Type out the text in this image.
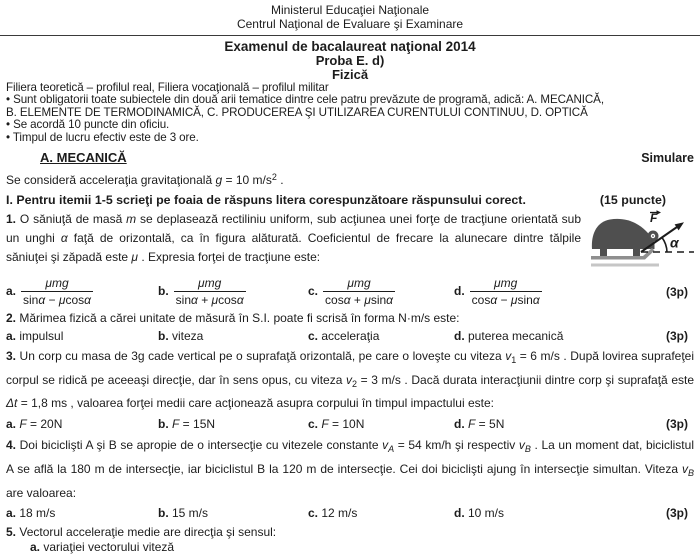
Ministerul Educaţiei Naţionale
Centrul Naţional de Evaluare şi Examinare
Examenul de bacalaureat naţional 2014
Proba E. d)
Fizică
Filiera teoretică – profilul real, Filiera vocaţională – profilul militar
• Sunt obligatorii toate subiectele din două arii tematice dintre cele patru prevăzute de programă, adică: A. MECANICĂ,
B. ELEMENTE DE TERMODINAMICĂ, C. PRODUCEREA ŞI UTILIZAREA CURENTULUI CONTINUU, D. OPTICĂ
• Se acordă 10 puncte din oficiu.
• Timpul de lucru efectiv este de 3 ore.
A. MECANICĂ	Simulare
Se consideră acceleraţia gravitaţională g = 10 $m/s^2$ .
I. Pentru itemii 1-5 scrieţi pe foaia de răspuns litera corespunzătoare răspunsului corect.	(15 puncte)
F
α
1. O săniuţă de masă m se deplasează rectiliniu uniform, sub acţiunea unei forţe de tracţiune orientată sub un unghi α faţă de orizontală, ca în figura alăturată. Coeficientul de frecare la alunecare dintre tălpile săniuţei şi zăpadă este μ . Expresia forţei de tracţiune este:
a. $\frac{\text{μmg}}{\sin\alpha - \mu\cos\alpha}$	b. $\frac{\text{μmg}}{\sin\alpha + \mu\cos\alpha}$	c. $\frac{\text{μmg}}{\cos\alpha + \mu\sin\alpha}$	d. $\frac{\text{μmg}}{\cos\alpha - \mu\sin\alpha}$	(3p)
2. Mărimea fizică a cărei unitate de măsură în S.I. poate fi scrisă în forma N·m/s este:
a. impulsul	b. viteza	c. acceleraţia	d. puterea mecanică	(3p)
3. Un corp cu masa de 3g cade vertical pe o suprafaţă orizontală, pe care o loveşte cu viteza $v_1 = 6$ m/s . După lovirea suprafeţei corpul se ridică pe aceeaşi direcţie, dar în sens opus, cu viteza $v_2 = 3$ m/s . Dacă durata interacţiunii dintre corp şi suprafaţă este Δt = 1,8 ms , valoarea forţei medii care acţionează asupra corpului în timpul impactului este:
a. F = 20N	b. F = 15N	c. F = 10N	d. F = 5N	(3p)
4. Doi biciclişti A şi B se apropie de o intersecţie cu vitezele constante $v_A = 54$ km/h şi respectiv $v_B$ . La un moment dat, biciclistul A se află la 180 m de intersecţie, iar biciclistul B la 120 m de intersecţie. Cei doi biciclişti ajung în intersecţie simultan. Viteza $v_B$ are valoarea:
a. 18 m/s	b. 15 m/s	c. 12 m/s	d. 10 m/s	(3p)
5. Vectorul acceleraţie medie are direcţia şi sensul:
a. variaţiei vectorului viteză
